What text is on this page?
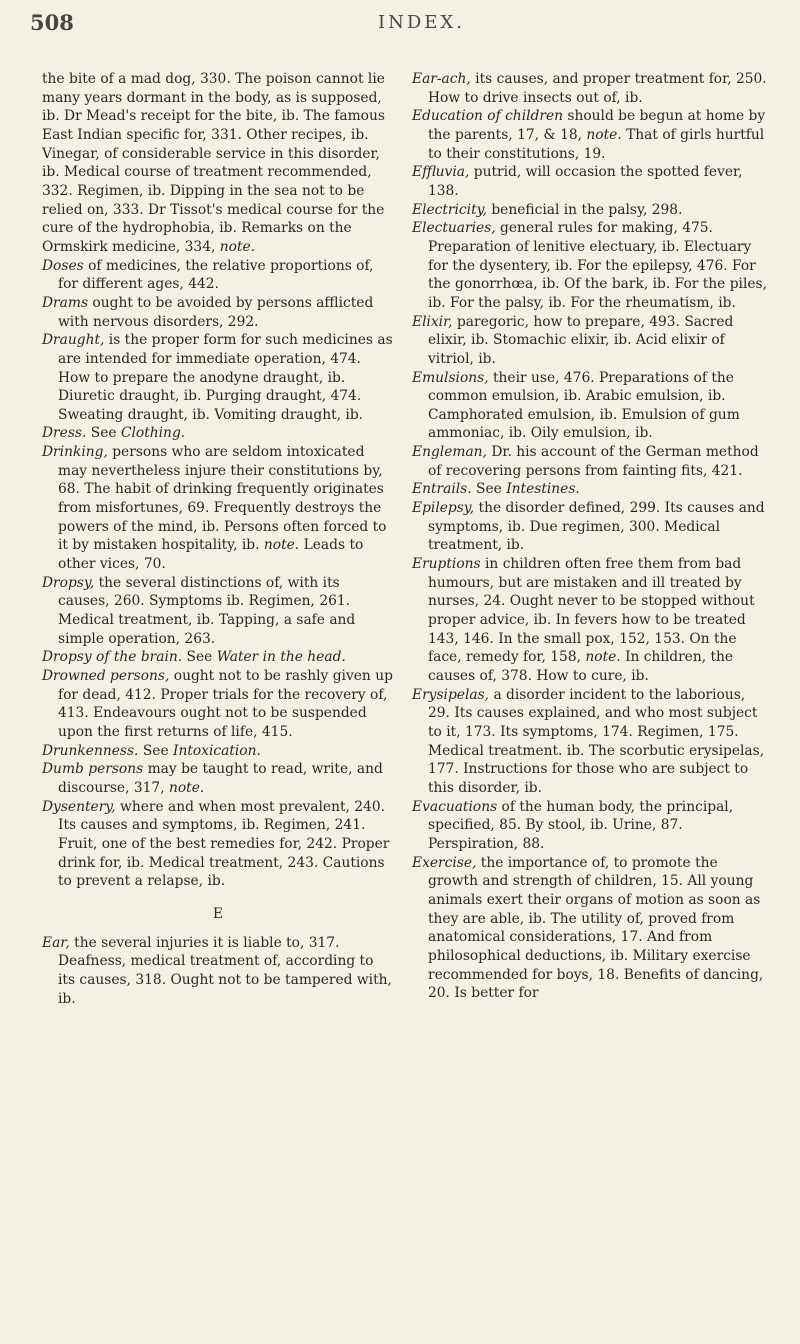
508	INDEX.

the bite of a mad dog, 330. The poison cannot lie many years dormant in the body, as is supposed, ib. Dr Mead's receipt for the bite, ib. The famous East Indian specific for, 331. Other recipes, ib. Vinegar, of considerable service in this disorder, ib. Medical course of treatment recommended, 332. Regimen, ib. Dipping in the sea not to be relied on, 333. Dr Tissot's medical course for the cure of the hydrophobia, ib. Remarks on the Ormskirk medicine, 334, note.

Doses of medicines, the relative proportions of, for different ages, 442.

Drams ought to be avoided by persons afflicted with nervous disorders, 292.

Draught, is the proper form for such medicines as are intended for immediate operation, 474. How to prepare the anodyne draught, ib. Diuretic draught, ib. Purging draught, 474. Sweating draught, ib. Vomiting draught, ib.

Dress. See Clothing.

Drinking, persons who are seldom intoxicated may nevertheless injure their constitutions by, 68. The habit of drinking frequently originates from misfortunes, 69. Frequently destroys the powers of the mind, ib. Persons often forced to it by mistaken hospitality, ib. note. Leads to other vices, 70.

Dropsy, the several distinctions of, with its causes, 260. Symptoms ib. Regimen, 261. Medical treatment, ib. Tapping, a safe and simple operation, 263.

Dropsy of the brain. See Water in the head.

Drowned persons, ought not to be rashly given up for dead, 412. Proper trials for the recovery of, 413. Endeavours ought not to be suspended upon the first returns of life, 415.

Drunkenness. See Intoxication.

Dumb persons may be taught to read, write, and discourse, 317, note.

Dysentery, where and when most prevalent, 240. Its causes and symptoms, ib. Regimen, 241. Fruit, one of the best remedies for, 242. Proper drink for, ib. Medical treatment, 243. Cautions to prevent a relapse, ib.

E

Ear, the several injuries it is liable to, 317. Deafness, medical treatment of, according to its causes, 318. Ought not to be tampered with, ib.

Ear-ach, its causes, and proper treatment for, 250. How to drive insects out of, ib.

Education of children should be begun at home by the parents, 17, & 18, note. That of girls hurtful to their constitutions, 19.

Effluvia, putrid, will occasion the spotted fever, 138.

Electricity, beneficial in the palsy, 298.

Electuaries, general rules for making, 475. Preparation of lenitive electuary, ib. Electuary for the dysentery, ib. For the epilepsy, 476. For the gonorrhœa, ib. Of the bark, ib. For the piles, ib. For the palsy, ib. For the rheumatism, ib.

Elixir, paregoric, how to prepare, 493. Sacred elixir, ib. Stomachic elixir, ib. Acid elixir of vitriol, ib.

Emulsions, their use, 476. Preparations of the common emulsion, ib. Arabic emulsion, ib. Camphorated emulsion, ib. Emulsion of gum ammoniac, ib. Oily emulsion, ib.

Engleman, Dr. his account of the German method of recovering persons from fainting fits, 421.

Entrails. See Intestines.

Epilepsy, the disorder defined, 299. Its causes and symptoms, ib. Due regimen, 300. Medical treatment, ib.

Eruptions in children often free them from bad humours, but are mistaken and ill treated by nurses, 24. Ought never to be stopped without proper advice, ib. In fevers how to be treated 143, 146. In the small pox, 152, 153. On the face, remedy for, 158, note. In children, the causes of, 378. How to cure, ib.

Erysipelas, a disorder incident to the laborious, 29. Its causes explained, and who most subject to it, 173. Its symptoms, 174. Regimen, 175. Medical treatment. ib. The scorbutic erysipelas, 177. Instructions for those who are subject to this disorder, ib.

Evacuations of the human body, the principal, specified, 85. By stool, ib. Urine, 87. Perspiration, 88.

Exercise, the importance of, to promote the growth and strength of children, 15. All young animals exert their organs of motion as soon as they are able, ib. The utility of, proved from anatomical considerations, 17. And from philosophical deductions, ib. Military exercise recommended for boys, 18. Benefits of dancing, 20. Is better for
